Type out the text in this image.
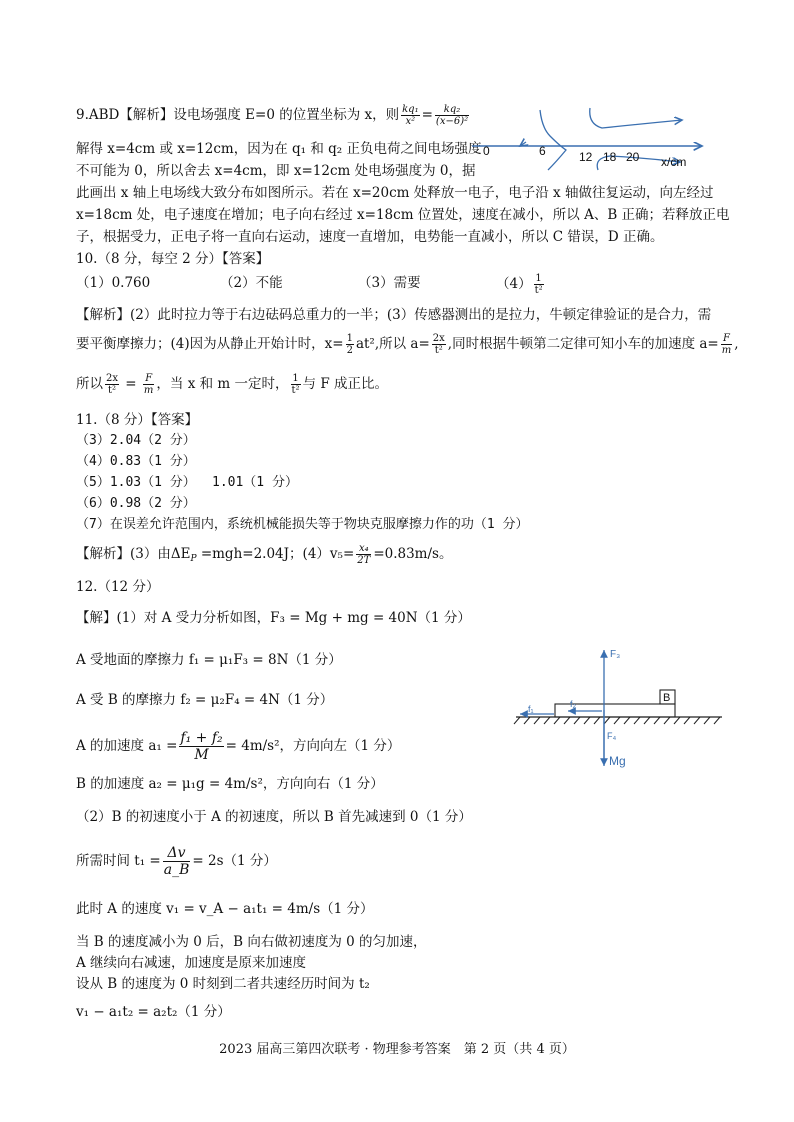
9.ABD【解析】设电场强度 E=0 的位置坐标为 x，则 $\frac{\text{kq₁}}{\text{x²}} = \frac{\text{kq₂}}{\text{(x−6)²}}$
解得 x=4cm 或 x=12cm，因为在 q₁ 和 q₂ 正负电荷之间电场强度
不可能为 0，所以舍去 x=4cm，即 x=12cm 处电场强度为 0，据
此画出 x 轴上电场线大致分布如图所示。若在 x=20cm 处释放一电子，电子沿 x 轴做往复运动，向左经过
x=18cm 处，电子速度在增加；电子向右经过 x=18cm 位置处，速度在减小，所以 A、B 正确；若释放正电
子，根据受力，正电子将一直向右运动，速度一直增加，电势能一直减小，所以 C 错误，D 正确。
0	6	12 18 20 x/cm
10.（8 分，每空 2 分）【答案】
（1）0.760	（2）不能	（3）需要	$(4) \frac{1}{\text{t²}}$
【解析】(2）此时拉力等于右边砝码总重力的一半；(3）传感器测出的是拉力，牛顿定律验证的是合力，需
要平衡摩擦力；(4)因为从静止开始计时，$x= \frac{1}{2} at^2$,所以 $a= \frac{2x}{\text{t²}}$ ,同时根据牛顿第二定律可知小车的加速度 $a= \frac{F}{m}$ ,
所以 $\frac{2x}{\text{t²}} = \frac{F}{m}$ ，当 x 和 m 一定时， $\frac{1}{\text{t²}}$ 与 F 成正比。
11.（8 分）【答案】
（3）2.04（2 分）
（4）0.83（1 分）
（5）1.03（1 分） 1.01（1 分）
（6）0.98（2 分）
（7）在误差允许范围内，系统机械能损失等于物块克服摩擦力作的功（1 分）
【解析】(3）由$\Delta E_P =mgh=2.04J$；$(4)v_5= \frac{\text{x₄}}{2T} =0.83m/s$。
12.（12 分）
【解】(1）对 A 受力分析如图，F₃ = Mg + mg = 40N（1 分）
A 受地面的摩擦力 f₁ = μ₁F₃ = 8N（1 分）
A 受 B 的摩擦力 f₂ = μ₂F₄ = 4N（1 分）
A 的加速度 $a_1 = \frac{\text{f₁ + f₂}}{M} = 4m/s^2$，方向向左（1 分）
B 的加速度 a₂ = μ₁g = 4m/s²，方向向右（1 分）
（2）B 的初速度小于 A 的初速度，所以 B 首先减速到 0（1 分）
所需时间 $t_1 = \frac{\Delta v}{a\_B} = 2s(1$ 分）
此时 A 的速度 v₁ = v_A − a₁t₁ = 4m/s（1 分）
当 B 的速度减小为 0 后，B 向右做初速度为 0 的匀加速，
A 继续向右减速，加速度是原来加速度
设从 B 的速度为 0 时刻到二者共速经历时间为 t₂
v₁ − a₁t₂ = a₂t₂（1 分）
B
F₃
f₁	f₂
F₄
Mg
2023 届高三第四次联考 · 物理参考答案　第 2 页（共 4 页）
